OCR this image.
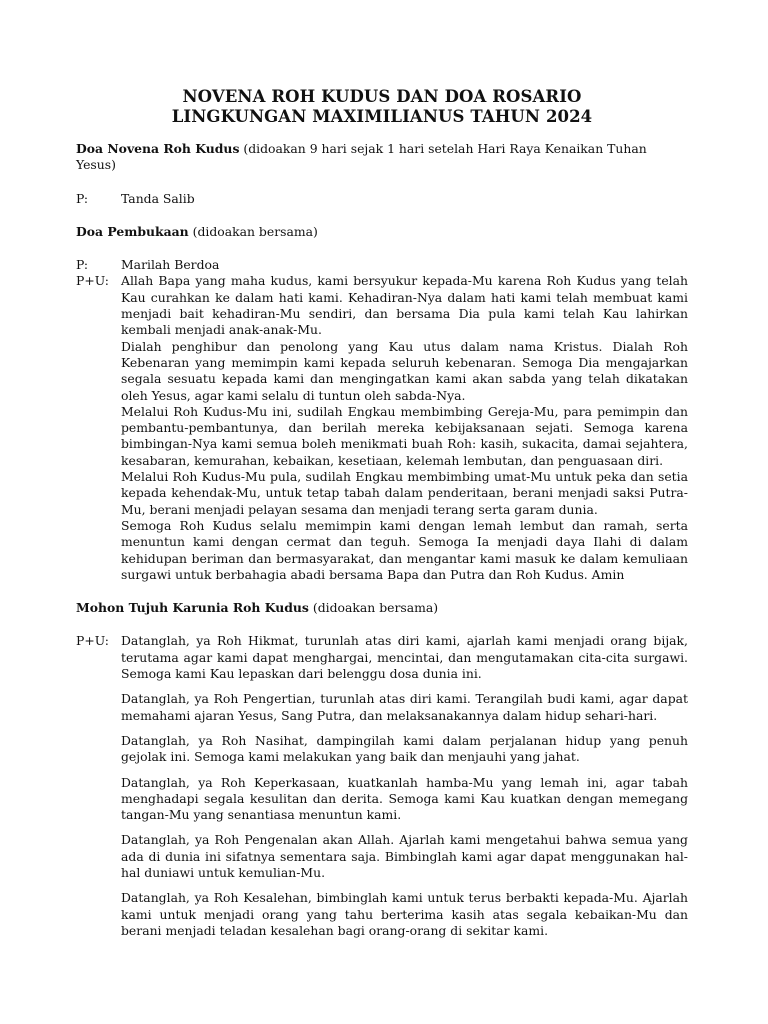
NOVENA ROH KUDUS DAN DOA ROSARIO
LINGKUNGAN MAXIMILIANUS TAHUN 2024
Doa Novena Roh Kudus (didoakan 9 hari sejak 1 hari setelah Hari Raya Kenaikan Tuhan Yesus)
P:	Tanda Salib
Doa Pembukaan (didoakan bersama)
P:	Marilah Berdoa
P+U: Allah Bapa yang maha kudus, kami bersyukur kepada-Mu karena Roh Kudus yang telah Kau curahkan ke dalam hati kami. Kehadiran-Nya dalam hati kami telah membuat kami menjadi bait kehadiran-Mu sendiri, dan bersama Dia pula kami telah Kau lahirkan kembali menjadi anak-anak-Mu.

Dialah penghibur dan penolong yang Kau utus dalam nama Kristus. Dialah Roh Kebenaran yang memimpin kami kepada seluruh kebenaran. Semoga Dia mengajarkan segala sesuatu kepada kami dan mengingatkan kami akan sabda yang telah dikatakan oleh Yesus, agar kami selalu di tuntun oleh sabda-Nya.

Melalui Roh Kudus-Mu ini, sudilah Engkau membimbing Gereja-Mu, para pemimpin dan pembantu-pembantunya, dan berilah mereka kebijaksanaan sejati. Semoga karena bimbingan-Nya kami semua boleh menikmati buah Roh: kasih, sukacita, damai sejahtera, kesabaran, kemurahan, kebaikan, kesetiaan, kelemah lembutan, dan penguasaan diri.

Melalui Roh Kudus-Mu pula, sudilah Engkau membimbing umat-Mu untuk peka dan setia kepada kehendak-Mu, untuk tetap tabah dalam penderitaan, berani menjadi saksi Putra-Mu, berani menjadi pelayan sesama dan menjadi terang serta garam dunia.

Semoga Roh Kudus selalu memimpin kami dengan lemah lembut dan ramah, serta menuntun kami dengan cermat dan teguh. Semoga Ia menjadi daya Ilahi di dalam kehidupan beriman dan bermasyarakat, dan mengantar kami masuk ke dalam kemuliaan surgawi untuk berbahagia abadi bersama Bapa dan Putra dan Roh Kudus. Amin

Mohon Tujuh Karunia Roh Kudus (didoakan bersama)
P+U: Datanglah, ya Roh Hikmat, turunlah atas diri kami, ajarlah kami menjadi orang bijak, terutama agar kami dapat menghargai, mencintai, dan mengutamakan cita-cita surgawi. Semoga kami Kau lepaskan dari belenggu dosa dunia ini.

Datanglah, ya Roh Pengertian, turunlah atas diri kami. Terangilah budi kami, agar dapat memahami ajaran Yesus, Sang Putra, dan melaksanakannya dalam hidup sehari-hari.

Datanglah, ya Roh Nasihat, dampingilah kami dalam perjalanan hidup yang penuh gejolak ini. Semoga kami melakukan yang baik dan menjauhi yang jahat.

Datanglah, ya Roh Keperkasaan, kuatkanlah hamba-Mu yang lemah ini, agar tabah menghadapi segala kesulitan dan derita. Semoga kami Kau kuatkan dengan memegang tangan-Mu yang senantiasa menuntun kami.

Datanglah, ya Roh Pengenalan akan Allah. Ajarlah kami mengetahui bahwa semua yang ada di dunia ini sifatnya sementara saja. Bimbinglah kami agar dapat menggunakan hal-hal duniawi untuk kemulian-Mu.

Datanglah, ya Roh Kesalehan, bimbinglah kami untuk terus berbakti kepada-Mu. Ajarlah kami untuk menjadi orang yang tahu berterima kasih atas segala kebaikan-Mu dan berani menjadi teladan kesalehan bagi orang-orang di sekitar kami.
